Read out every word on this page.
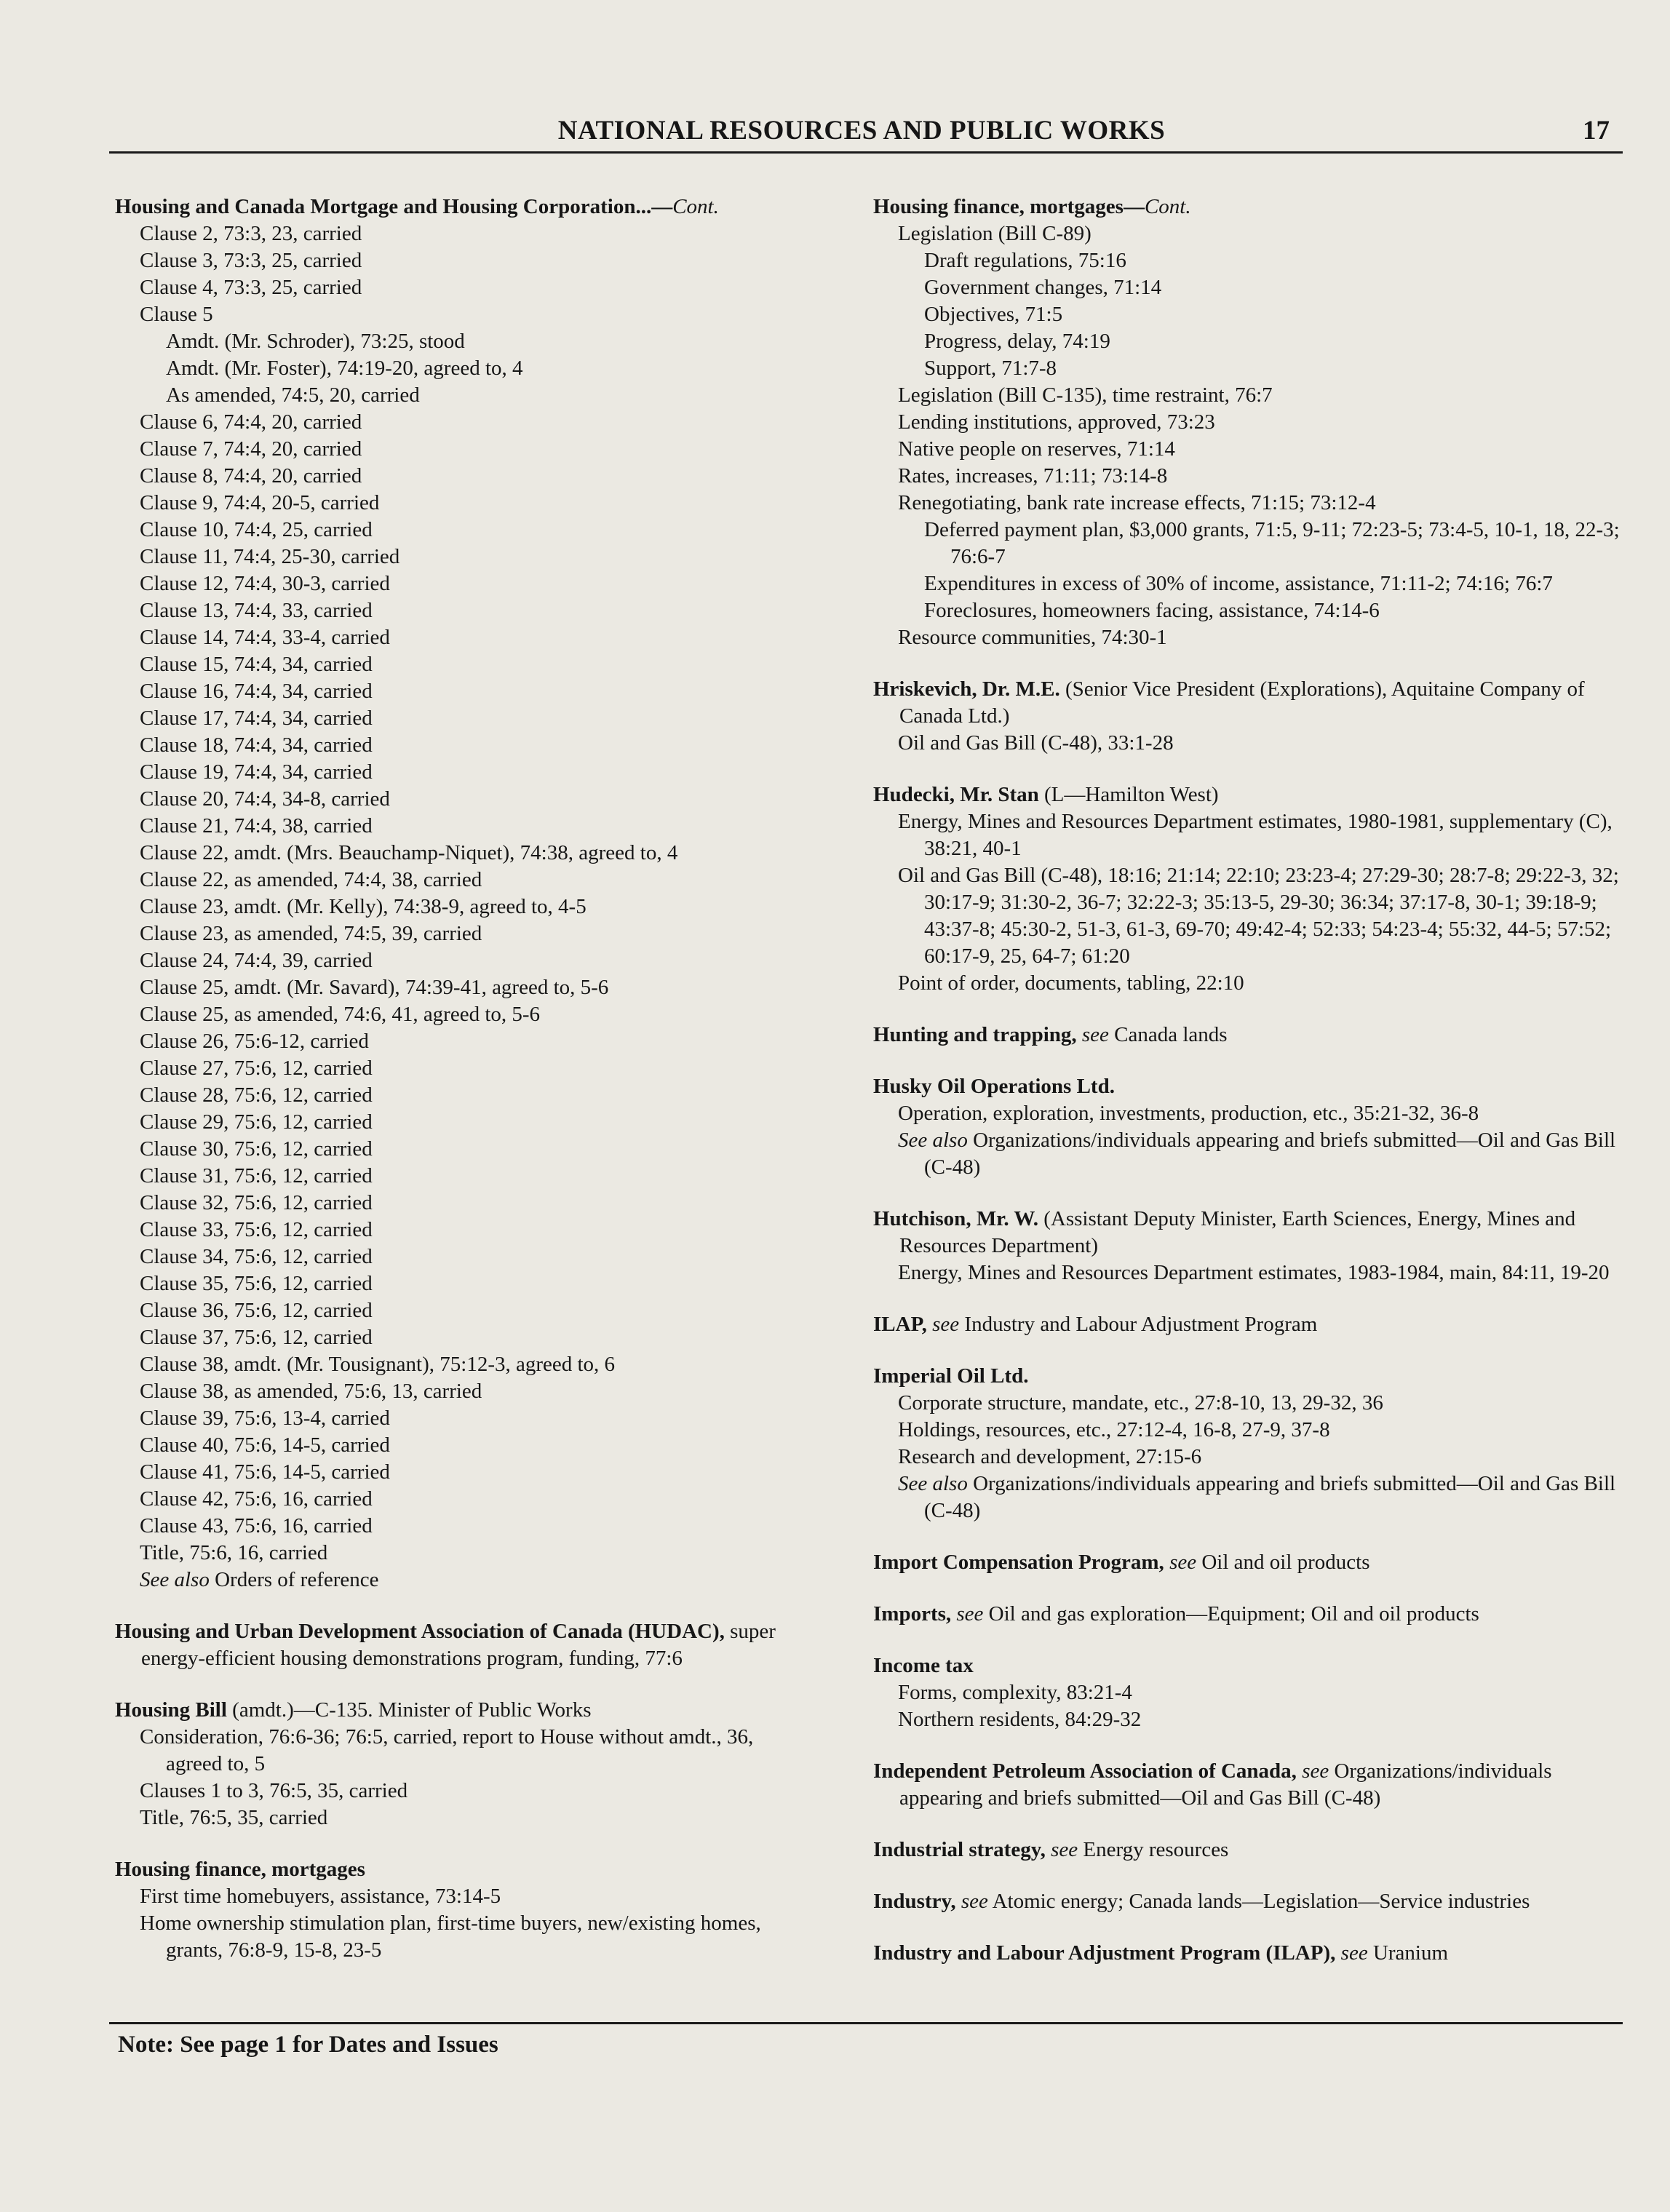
NATIONAL RESOURCES AND PUBLIC WORKS	17
Housing and Canada Mortgage and Housing Corporation...—Cont.
Clause 2, 73:3, 23, carried
Clause 3, 73:3, 25, carried
Clause 4, 73:3, 25, carried
Clause 5
Amdt. (Mr. Schroder), 73:25, stood
Amdt. (Mr. Foster), 74:19-20, agreed to, 4
As amended, 74:5, 20, carried
Clause 6, 74:4, 20, carried
Clause 7, 74:4, 20, carried
Clause 8, 74:4, 20, carried
Clause 9, 74:4, 20-5, carried
Clause 10, 74:4, 25, carried
Clause 11, 74:4, 25-30, carried
Clause 12, 74:4, 30-3, carried
Clause 13, 74:4, 33, carried
Clause 14, 74:4, 33-4, carried
Clause 15, 74:4, 34, carried
Clause 16, 74:4, 34, carried
Clause 17, 74:4, 34, carried
Clause 18, 74:4, 34, carried
Clause 19, 74:4, 34, carried
Clause 20, 74:4, 34-8, carried
Clause 21, 74:4, 38, carried
Clause 22, amdt. (Mrs. Beauchamp-Niquet), 74:38, agreed to, 4
Clause 22, as amended, 74:4, 38, carried
Clause 23, amdt. (Mr. Kelly), 74:38-9, agreed to, 4-5
Clause 23, as amended, 74:5, 39, carried
Clause 24, 74:4, 39, carried
Clause 25, amdt. (Mr. Savard), 74:39-41, agreed to, 5-6
Clause 25, as amended, 74:6, 41, agreed to, 5-6
Clause 26, 75:6-12, carried
Clause 27, 75:6, 12, carried
Clause 28, 75:6, 12, carried
Clause 29, 75:6, 12, carried
Clause 30, 75:6, 12, carried
Clause 31, 75:6, 12, carried
Clause 32, 75:6, 12, carried
Clause 33, 75:6, 12, carried
Clause 34, 75:6, 12, carried
Clause 35, 75:6, 12, carried
Clause 36, 75:6, 12, carried
Clause 37, 75:6, 12, carried
Clause 38, amdt. (Mr. Tousignant), 75:12-3, agreed to, 6
Clause 38, as amended, 75:6, 13, carried
Clause 39, 75:6, 13-4, carried
Clause 40, 75:6, 14-5, carried
Clause 41, 75:6, 14-5, carried
Clause 42, 75:6, 16, carried
Clause 43, 75:6, 16, carried
Title, 75:6, 16, carried
See also Orders of reference
Housing and Urban Development Association of Canada (HUDAC), super energy-efficient housing demonstrations program, funding, 77:6
Housing Bill (amdt.)—C-135. Minister of Public Works
Consideration, 76:6-36; 76:5, carried, report to House without amdt., 36, agreed to, 5
Clauses 1 to 3, 76:5, 35, carried
Title, 76:5, 35, carried
Housing finance, mortgages
First time homebuyers, assistance, 73:14-5
Home ownership stimulation plan, first-time buyers, new/existing homes, grants, 76:8-9, 15-8, 23-5
Housing finance, mortgages—Cont.
Legislation (Bill C-89)
Draft regulations, 75:16
Government changes, 71:14
Objectives, 71:5
Progress, delay, 74:19
Support, 71:7-8
Legislation (Bill C-135), time restraint, 76:7
Lending institutions, approved, 73:23
Native people on reserves, 71:14
Rates, increases, 71:11; 73:14-8
Renegotiating, bank rate increase effects, 71:15; 73:12-4
Deferred payment plan, $3,000 grants, 71:5, 9-11; 72:23-5; 73:4-5, 10-1, 18, 22-3; 76:6-7
Expenditures in excess of 30% of income, assistance, 71:11-2; 74:16; 76:7
Foreclosures, homeowners facing, assistance, 74:14-6
Resource communities, 74:30-1
Hriskevich, Dr. M.E. (Senior Vice President (Explorations), Aquitaine Company of Canada Ltd.)
Oil and Gas Bill (C-48), 33:1-28
Hudecki, Mr. Stan (L—Hamilton West)
Energy, Mines and Resources Department estimates, 1980-1981, supplementary (C), 38:21, 40-1
Oil and Gas Bill (C-48), 18:16; 21:14; 22:10; 23:23-4; 27:29-30; 28:7-8; 29:22-3, 32; 30:17-9; 31:30-2, 36-7; 32:22-3; 35:13-5, 29-30; 36:34; 37:17-8, 30-1; 39:18-9; 43:37-8; 45:30-2, 51-3, 61-3, 69-70; 49:42-4; 52:33; 54:23-4; 55:32, 44-5; 57:52; 60:17-9, 25, 64-7; 61:20
Point of order, documents, tabling, 22:10
Hunting and trapping, see Canada lands
Husky Oil Operations Ltd.
Operation, exploration, investments, production, etc., 35:21-32, 36-8
See also Organizations/individuals appearing and briefs submitted—Oil and Gas Bill (C-48)
Hutchison, Mr. W. (Assistant Deputy Minister, Earth Sciences, Energy, Mines and Resources Department)
Energy, Mines and Resources Department estimates, 1983-1984, main, 84:11, 19-20
ILAP, see Industry and Labour Adjustment Program
Imperial Oil Ltd.
Corporate structure, mandate, etc., 27:8-10, 13, 29-32, 36
Holdings, resources, etc., 27:12-4, 16-8, 27-9, 37-8
Research and development, 27:15-6
See also Organizations/individuals appearing and briefs submitted—Oil and Gas Bill (C-48)
Import Compensation Program, see Oil and oil products
Imports, see Oil and gas exploration—Equipment; Oil and oil products
Income tax
Forms, complexity, 83:21-4
Northern residents, 84:29-32
Independent Petroleum Association of Canada, see Organizations/individuals appearing and briefs submitted—Oil and Gas Bill (C-48)
Industrial strategy, see Energy resources
Industry, see Atomic energy; Canada lands—Legislation—Service industries
Industry and Labour Adjustment Program (ILAP), see Uranium
Note: See page 1 for Dates and Issues
